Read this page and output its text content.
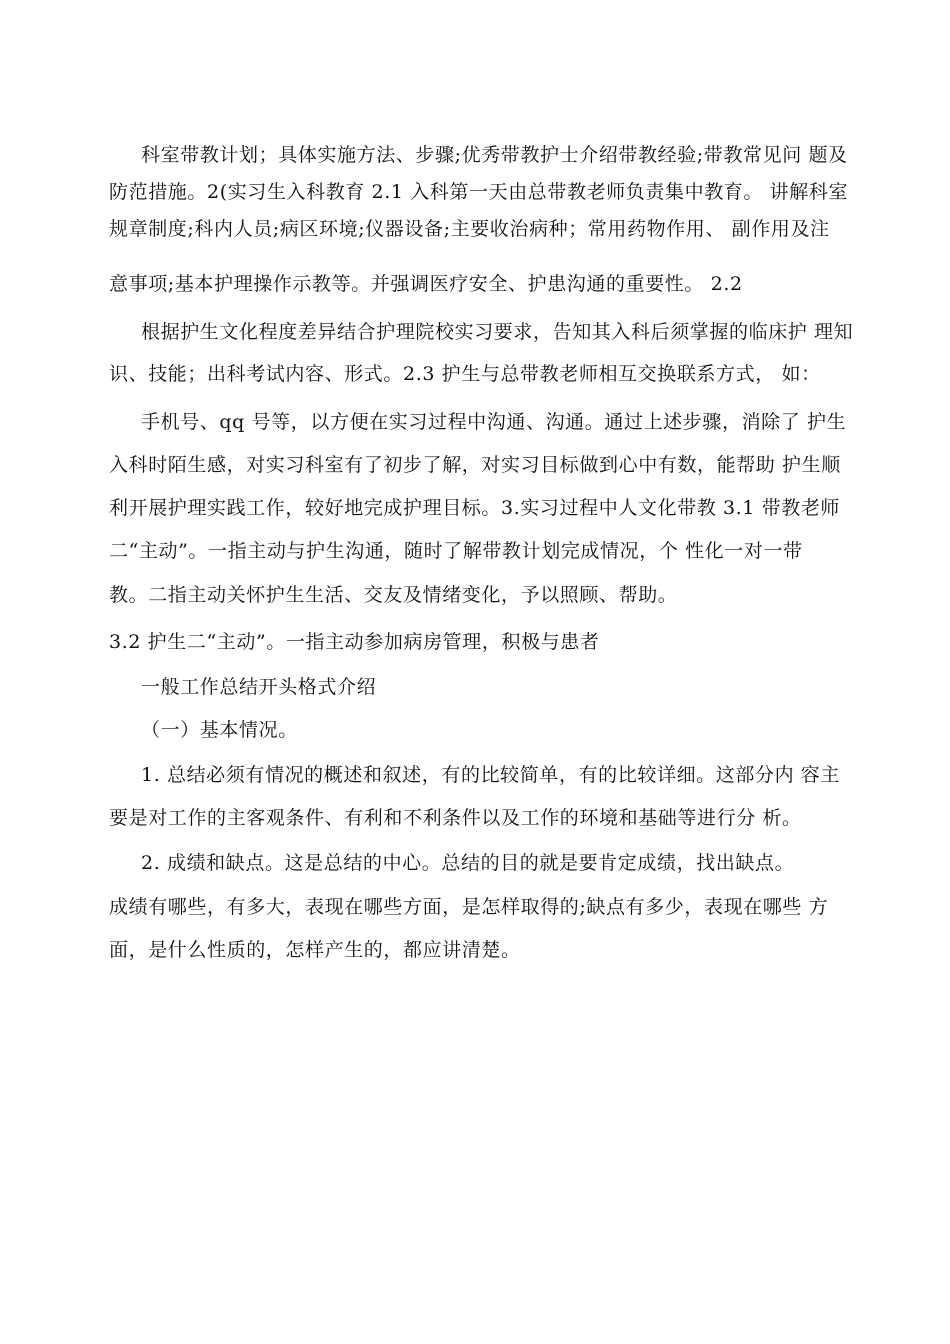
科室带教计划；具体实施方法、步骤;优秀带教护士介绍带教经验;带教常见问 题及
防范措施。2(实习生入科教育 2.1 入科第一天由总带教老师负责集中教育。 讲解科室
规章制度;科内人员;病区环境;仪器设备;主要收治病种；常用药物作用、 副作用及注
意事项;基本护理操作示教等。并强调医疗安全、护患沟通的重要性。 2.2
根据护生文化程度差异结合护理院校实习要求，告知其入科后须掌握的临床护 理知
识、技能；出科考试内容、形式。2.3 护生与总带教老师相互交换联系方式， 如：
手机号、qq 号等，以方便在实习过程中沟通、沟通。通过上述步骤，消除了 护生
入科时陌生感，对实习科室有了初步了解，对实习目标做到心中有数，能帮助 护生顺
利开展护理实践工作，较好地完成护理目标。3.实习过程中人文化带教 3.1 带教老师
二“主动”。一指主动与护生沟通，随时了解带教计划完成情况，个 性化一对一带
教。二指主动关怀护生生活、交友及情绪变化，予以照顾、帮助。
3.2 护生二“主动”。一指主动参加病房管理，积极与患者
一般工作总结开头格式介绍
（一）基本情况。
1. 总结必须有情况的概述和叙述，有的比较简单，有的比较详细。这部分内 容主
要是对工作的主客观条件、有利和不利条件以及工作的环境和基础等进行分 析。
2. 成绩和缺点。这是总结的中心。总结的目的就是要肯定成绩，找出缺点。
成绩有哪些，有多大，表现在哪些方面，是怎样取得的;缺点有多少，表现在哪些 方
面，是什么性质的，怎样产生的，都应讲清楚。
